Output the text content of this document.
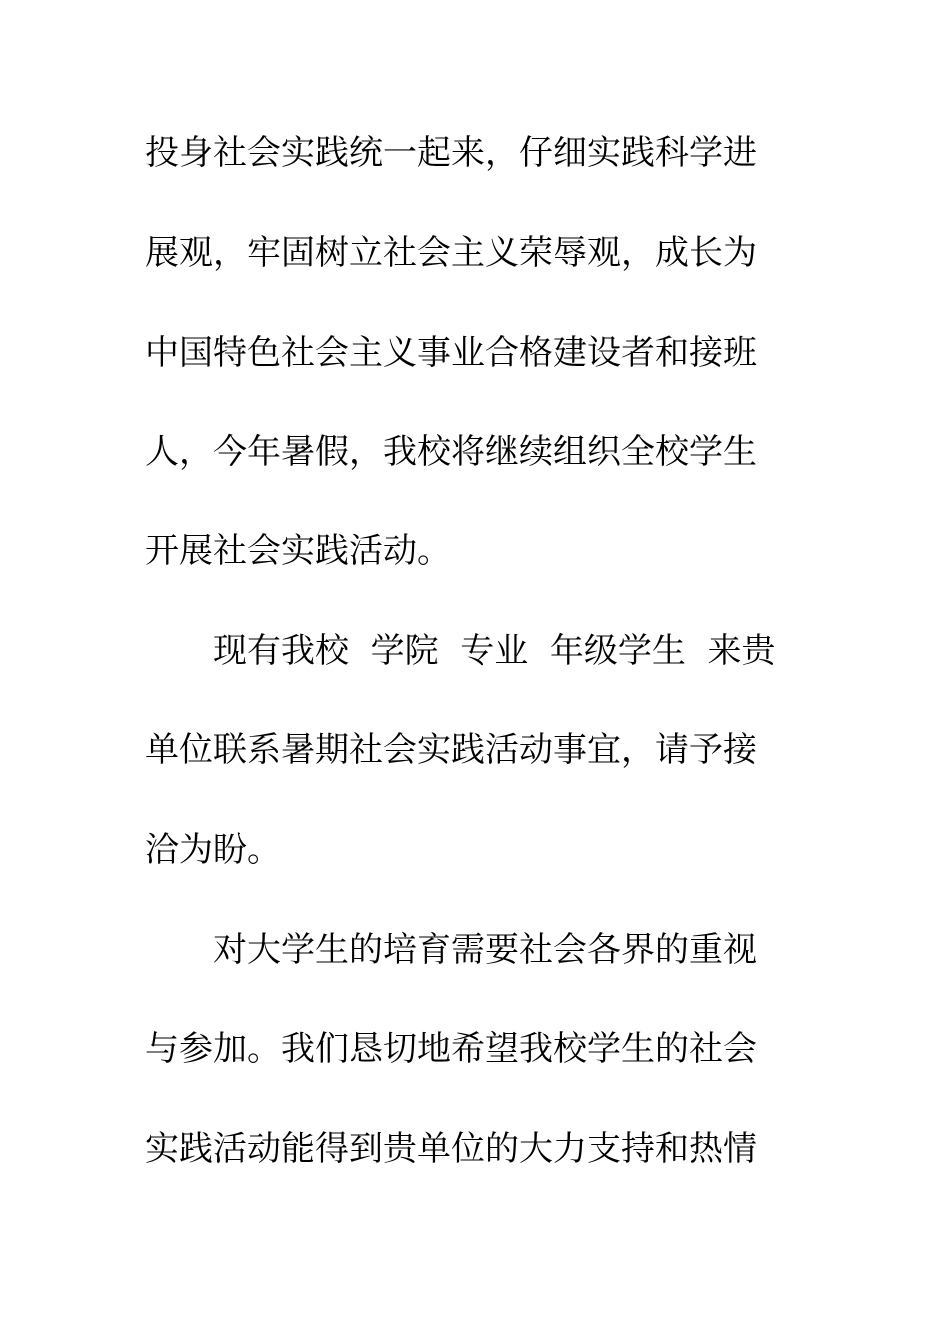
投身社会实践统一起来，仔细实践科学进
展观，牢固树立社会主义荣辱观，成长为
中国特色社会主义事业合格建设者和接班
人，今年暑假，我校将继续组织全校学生
开展社会实践活动。
　　现有我校  学院  专业  年级学生  来贵
单位联系暑期社会实践活动事宜，请予接
洽为盼。
　　对大学生的培育需要社会各界的重视
与参加。我们恳切地希望我校学生的社会
实践活动能得到贵单位的大力支持和热情
